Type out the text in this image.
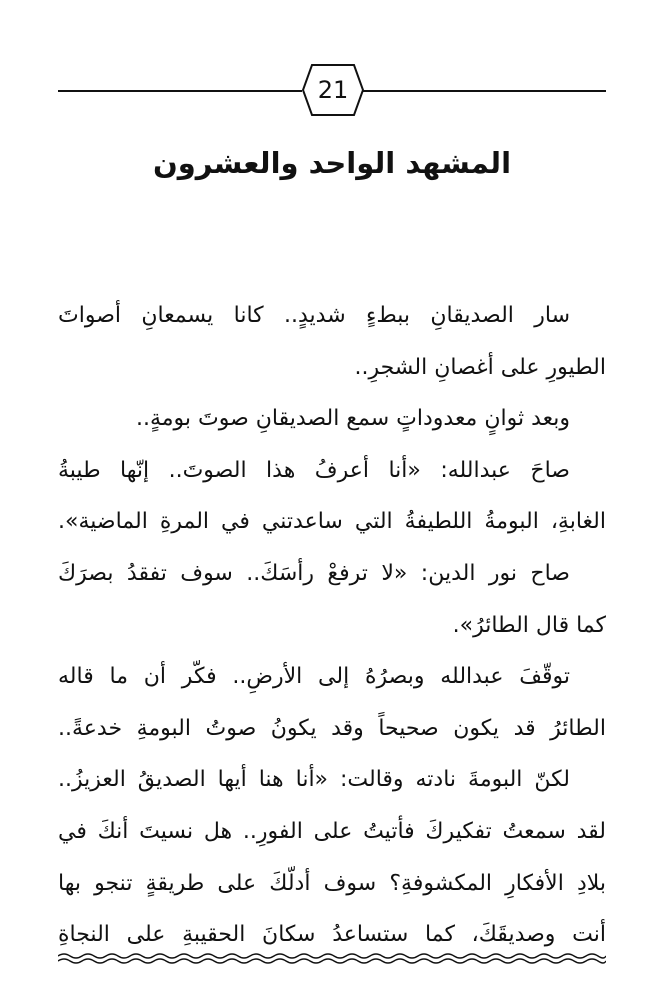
21
المشهد الواحد والعشرون
سار الصديقانِ ببطءٍ شديدٍ.. كانا يسمعانِ أصواتَ
الطيورِ على أغصانِ الشجرِ..
وبعد ثوانٍ معدوداتٍ سمع الصديقانِ صوتَ بومةٍ..
صاحَ عبدالله: «أنا أعرفُ هذا الصوتَ.. إنّها طيبةُ
الغابةِ، البومةُ اللطيفةُ التي ساعدتني في المرةِ الماضية».
صاح نور الدين: «لا ترفعْ رأسَكَ.. سوف تفقدُ بصرَكَ
كما قال الطائرُ».
توقّفَ عبدالله وبصرُهُ إلى الأرضِ.. فكّر أن ما قاله
الطائرُ قد يكون صحيحاً وقد يكونُ صوتُ البومةِ خدعةً..
لكنّ البومةَ نادته وقالت: «أنا هنا أيها الصديقُ العزيزُ..
لقد سمعتُ تفكيركَ فأتيتُ على الفورِ.. هل نسيتَ أنكَ في
بلادِ الأفكارِ المكشوفةِ؟ سوف أدلّكَ على طريقةٍ تنجو بها
أنت وصديقَكَ، كما ستساعدُ سكانَ الحقيبةِ على النجاةِ
